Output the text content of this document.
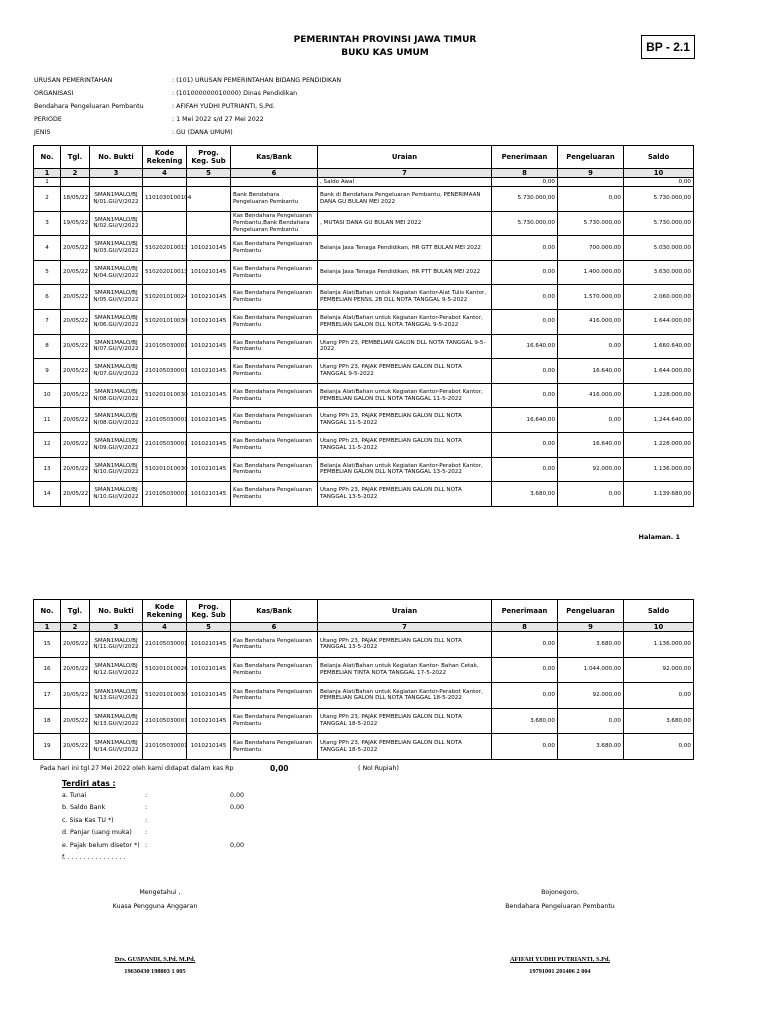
PEMERINTAH PROVINSI JAWA TIMUR
BUKU KAS UMUM	BP - 2.1
URUSAN PEMERINTAHAN	: (101) URUSAN PEMERINTAHAN BIDANG PENDIDIKAN
ORGANISASI	: (101000000010000) Dinas Pendidikan
Bendahara Pengeluaran Pembantu	: AFIFAH YUDHI PUTRIANTI, S,Pd.
PERIODE	: 1 Mei 2022 s/d 27 Mei 2022
JENIS	: GU (DANA UMUM)
No.	Tgl.	No. Bukti	Kode Rekening	Prog. Keg. Sub	Kas/Bank	Uraian	Penerimaan	Pengeluaran	Saldo
1	2	3	4	5	6	7	8	9	10
1						, Saldo Awal	0,00		0,00
2	18/05/22	SMAN1MALO/BJN/01.GU/V/2022	1101030100104		Bank Bendahara Pengeluaran Pembantu	Bank di Bendahara Pengeluaran Pembantu, PENERIMAAN DANA GU BULAN MEI 2022	5.730.000,00	0,00	5.730.000,00
3	19/05/22	SMAN1MALO/BJN/02.GU/V/2022			Kas Bendahara Pengeluaran Pembantu,Bank Bendahara Pengeluaran Pembantu	, MUTASI DANA GU BULAN MEI 2022	5.730.000,00	5.730.000,00	5.730.000,00
4	20/05/22	SMAN1MALO/BJN/03.GU/V/2022	510202010013	1010210145	Kas Bendahara Pengeluaran Pembantu	Belanja Jasa Tenaga Pendidikan, HR GTT BULAN MEI 2022	0,00	700.000,00	5.030.000,00
5	20/05/22	SMAN1MALO/BJN/04.GU/V/2022	510202010013	1010210145	Kas Bendahara Pengeluaran Pembantu	Belanja Jasa Tenaga Pendidikan, HR PTT BULAN MEI 2022	0,00	1.400.000,00	3.630.000,00
6	20/05/22	SMAN1MALO/BJN/05.GU/V/2022	510201010024	1010210145	Kas Bendahara Pengeluaran Pembantu	Belanja Alat/Bahan untuk Kegiatan Kantor-Alat Tulis Kantor, PEMBELIAN PENSIL 2B DLL NOTA TANGGAL 9-5-2022	0,00	1.570.000,00	2.060.000,00
7	20/05/22	SMAN1MALO/BJN/06.GU/V/2022	510201010030	1010210145	Kas Bendahara Pengeluaran Pembantu	Belanja Alat/Bahan untuk Kegiatan Kantor-Perabot Kantor, PEMBELIAN GALON DLL NOTA TANGGAL 9-5-2022	0,00	416.000,00	1.644.000,00
8	20/05/22	SMAN1MALO/BJN/07.GU/V/2022	210105030001	1010210145	Kas Bendahara Pengeluaran Pembantu	Utang PPh 23, PEMBELIAN GALON DLL NOTA TANGGAL 9-5-2022	16.640,00	0,00	1.660.640,00
9	20/05/22	SMAN1MALO/BJN/07.GU/V/2022	210105030001	1010210145	Kas Bendahara Pengeluaran Pembantu	Utang PPh 23, PAJAK PEMBELIAN GALON DLL NOTA TANGGAL 9-5-2022	0,00	16.640,00	1.644.000,00
10	20/05/22	SMAN1MALO/BJN/08.GU/V/2022	510201010030	1010210145	Kas Bendahara Pengeluaran Pembantu	Belanja Alat/Bahan untuk Kegiatan Kantor-Perabot Kantor, PEMBELIAN GALON DLL NOTA TANGGAL 11-5-2022	0,00	416.000,00	1.228.000,00
11	20/05/22	SMAN1MALO/BJN/08.GU/V/2022	210105030001	1010210145	Kas Bendahara Pengeluaran Pembantu	Utang PPh 23, PAJAK PEMBELIAN GALON DLL NOTA TANGGAL 11-5-2022	16.640,00	0,00	1.244.640,00
12	20/05/22	SMAN1MALO/BJN/09.GU/V/2022	210105030001	1010210145	Kas Bendahara Pengeluaran Pembantu	Utang PPh 23, PAJAK PEMBELIAN GALON DLL NOTA TANGGAL 11-5-2022	0,00	16.640,00	1.228.000,00
13	20/05/22	SMAN1MALO/BJN/10.GU/V/2022	510201010030	1010210145	Kas Bendahara Pengeluaran Pembantu	Belanja Alat/Bahan untuk Kegiatan Kantor-Perabot Kantor, PEMBELIAN GALON DLL NOTA TANGGAL 13-5-2022	0,00	92.000,00	1.136.000,00
14	20/05/22	SMAN1MALO/BJN/10.GU/V/2022	210105030001	1010210145	Kas Bendahara Pengeluaran Pembantu	Utang PPh 23, PAJAK PEMBELIAN GALON DLL NOTA TANGGAL 13-5-2022	3.680,00	0,00	1.139.680,00
Halaman. 1
No.	Tgl.	No. Bukti	Kode Rekening	Prog. Keg. Sub	Kas/Bank	Uraian	Penerimaan	Pengeluaran	Saldo
1	2	3	4	5	6	7	8	9	10
15	20/05/22	SMAN1MALO/BJN/11.GU/V/2022	210105030001	1010210145	Kas Bendahara Pengeluaran Pembantu	Utang PPh 23, PAJAK PEMBELIAN GALON DLL NOTA TANGGAL 13-5-2022	0,00	3.680,00	1.136.000,00
16	20/05/22	SMAN1MALO/BJN/12.GU/V/2022	510201010026	1010210145	Kas Bendahara Pengeluaran Pembantu	Belanja Alat/Bahan untuk Kegiatan Kantor- Bahan Cetak, PEMBELIAN TINTA NOTA TANGGAL 17-5-2022	0,00	1.044.000,00	92.000,00
17	20/05/22	SMAN1MALO/BJN/13.GU/V/2022	510201010030	1010210145	Kas Bendahara Pengeluaran Pembantu	Belanja Alat/Bahan untuk Kegiatan Kantor-Perabot Kantor, PEMBELIAN GALON DLL NOTA TANGGAL 18-5-2022	0,00	92.000,00	0,00
18	20/05/22	SMAN1MALO/BJN/13.GU/V/2022	210105030001	1010210145	Kas Bendahara Pengeluaran Pembantu	Utang PPh 23, PAJAK PEMBELIAN GALON DLL NOTA TANGGAL 18-5-2022	3.680,00	0,00	3.680,00
19	20/05/22	SMAN1MALO/BJN/14.GU/V/2022	210105030001	1010210145	Kas Bendahara Pengeluaran Pembantu	Utang PPh 23, PAJAK PEMBELIAN GALON DLL NOTA TANGGAL 18-5-2022	0,00	3.680,00	0,00
Pada hari ini tgl 27 Mei 2022 oleh kami didapat dalam kas Rp	0,00	( Nol Rupiah)
Terdiri atas :
a. Tunai	:	0,00
b. Saldo Bank	:	0,00
c. Sisa Kas TU *)	:
d. Panjar (uang muka) :
e. Pajak belum disetor *) :	0,00
f. . . . . . . . . . . . . . . .
Mengetahui ,
Kuasa Pengguna Anggaran
Drs. GUSPANDI, S.Pd. M.Pd.
19630430 198803 1 005
Bojonegoro,
Bendahara Pengeluaran Pembantu
AFIFAH YUDHI PUTRIANTI, S.Pd.
19791001 201406 2 004
